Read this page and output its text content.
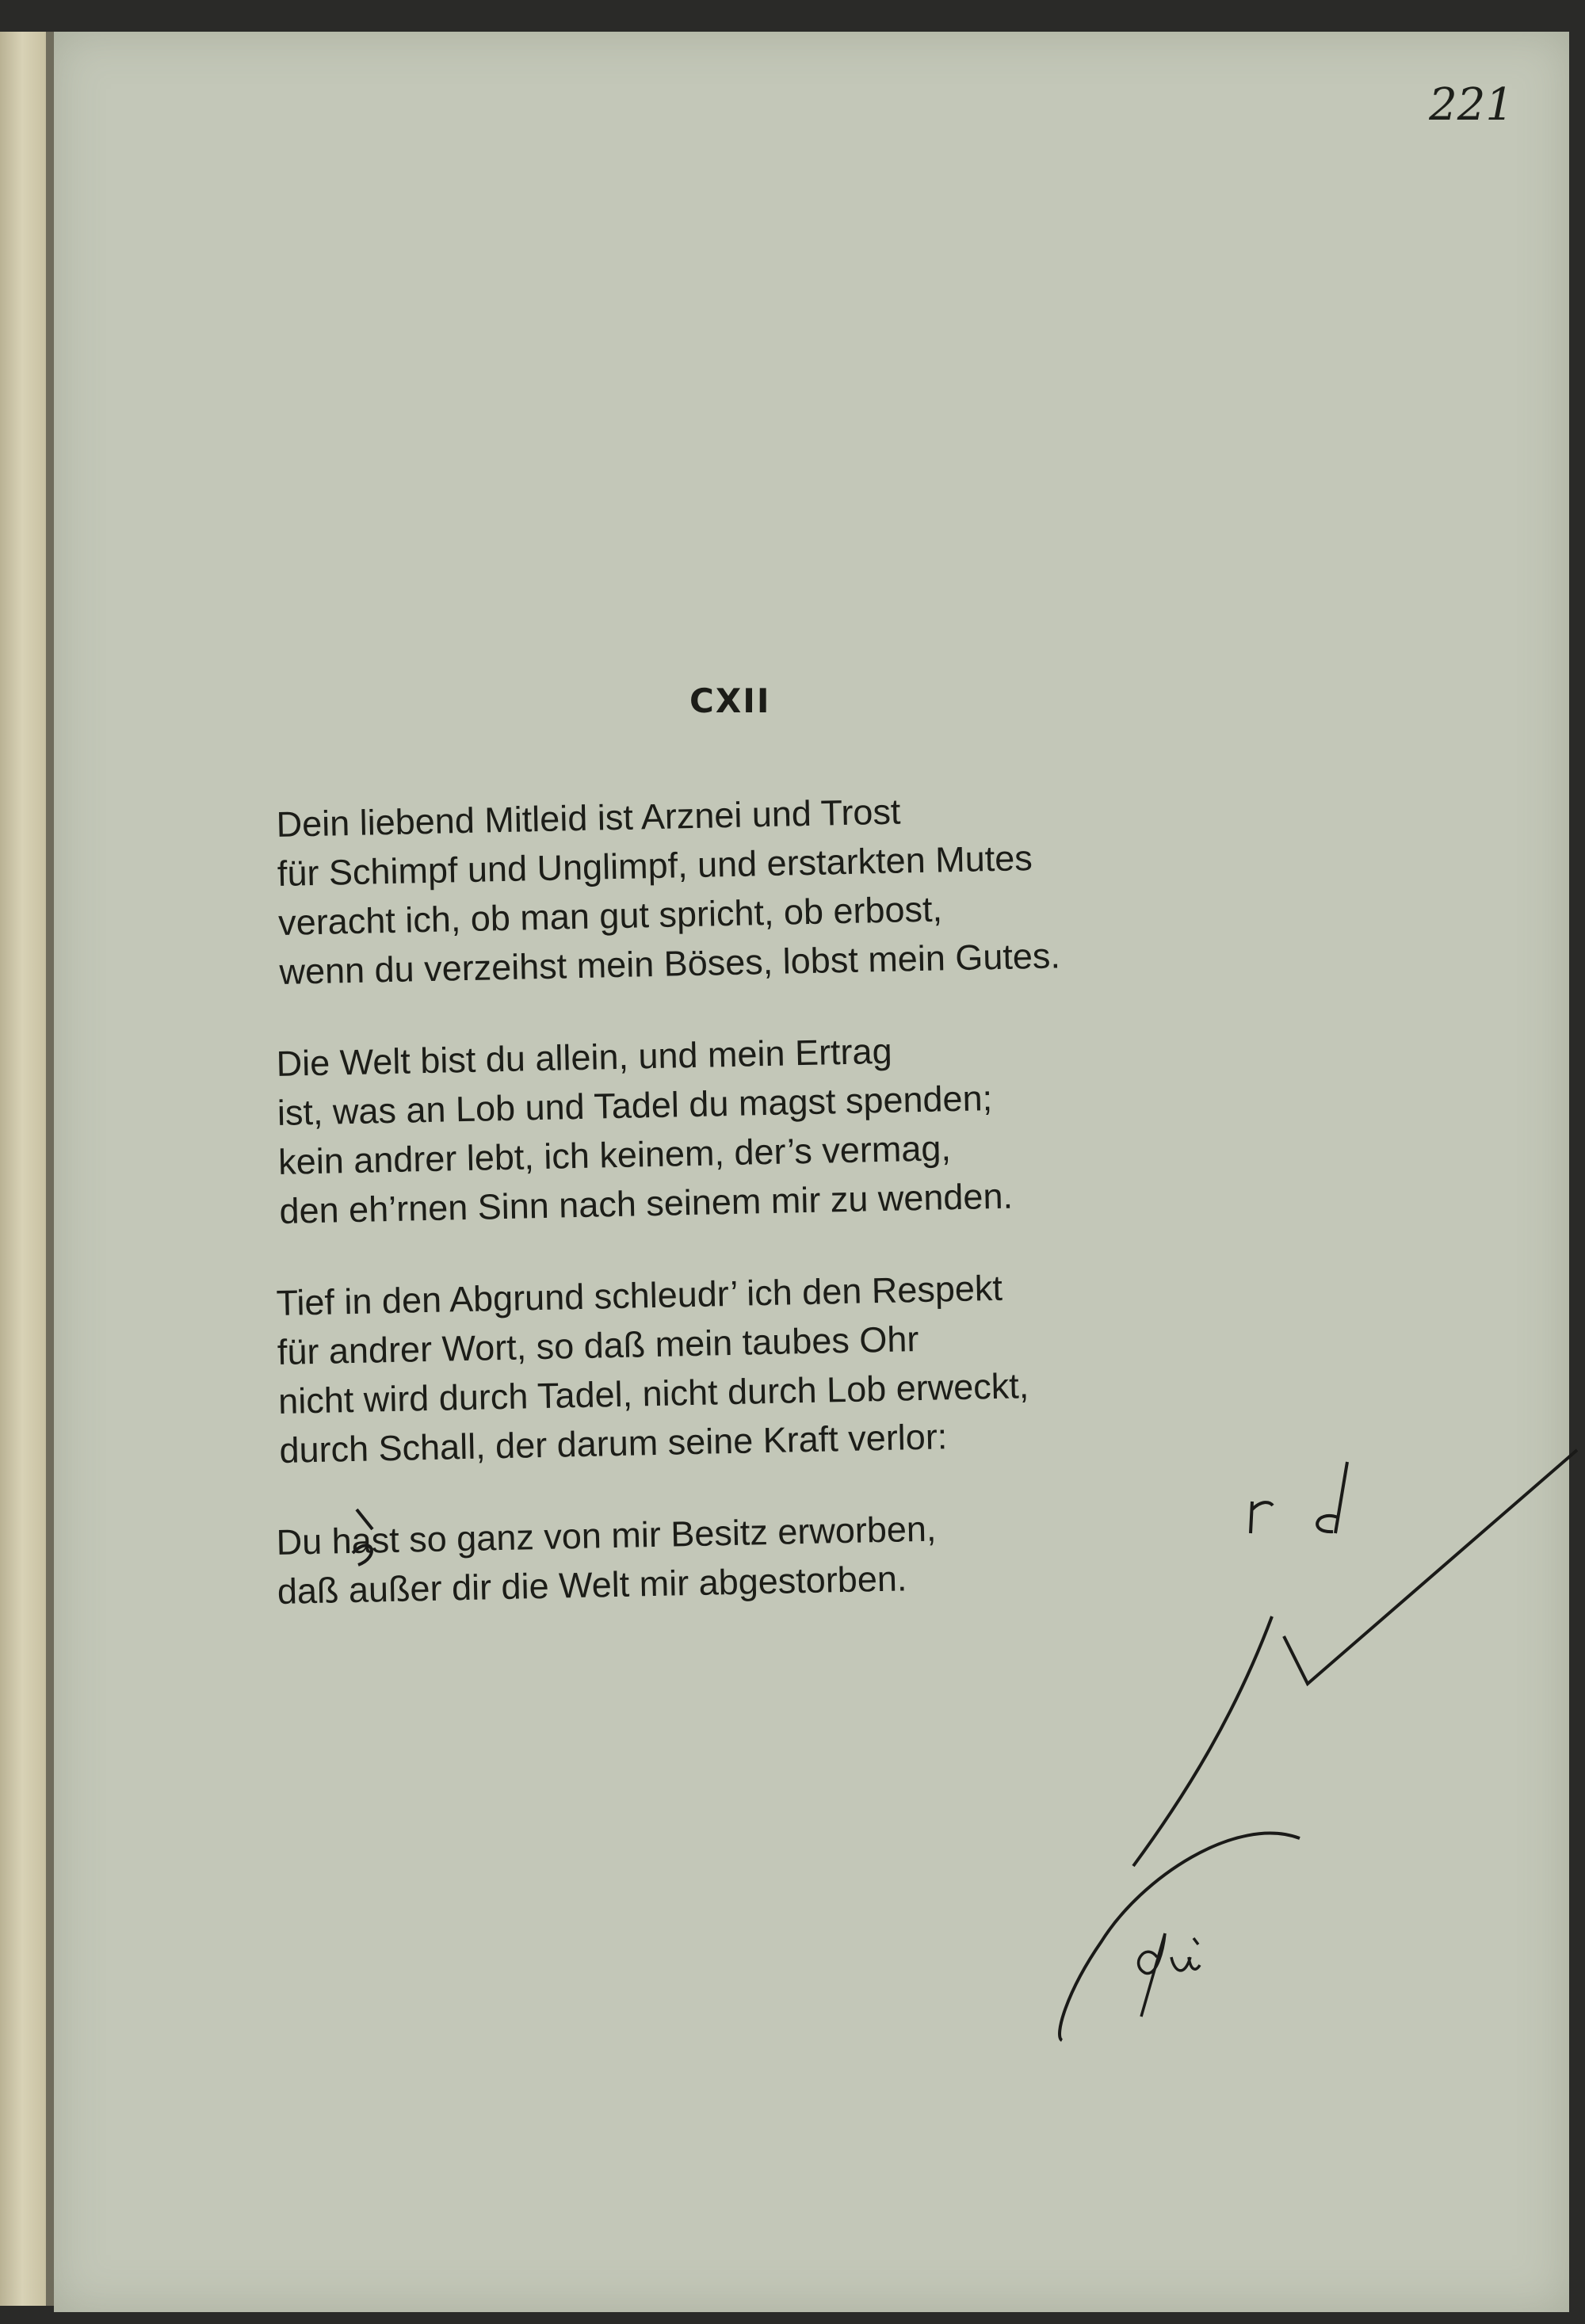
221
CXII
Dein liebend Mitleid ist Arznei und Trost
für Schimpf und Unglimpf, und erstarkten Mutes
veracht ich, ob man gut spricht, ob erbost,
wenn du verzeihst mein Böses, lobst mein Gutes.
Die Welt bist du allein, und mein Ertrag
ist, was an Lob und Tadel du magst spenden;
kein andrer lebt, ich keinem, der’s vermag,
den eh’rnen Sinn nach seinem mir zu wenden.
Tief in den Abgrund schleudr’ ich den Respekt
für andrer Wort, so daß mein taubes Ohr
nicht wird durch Tadel, nicht durch Lob erweckt,
durch Schall, der darum seine Kraft verlor:
Du hast so ganz von mir Besitz erworben,
daß außer dir die Welt mir abgestorben.
